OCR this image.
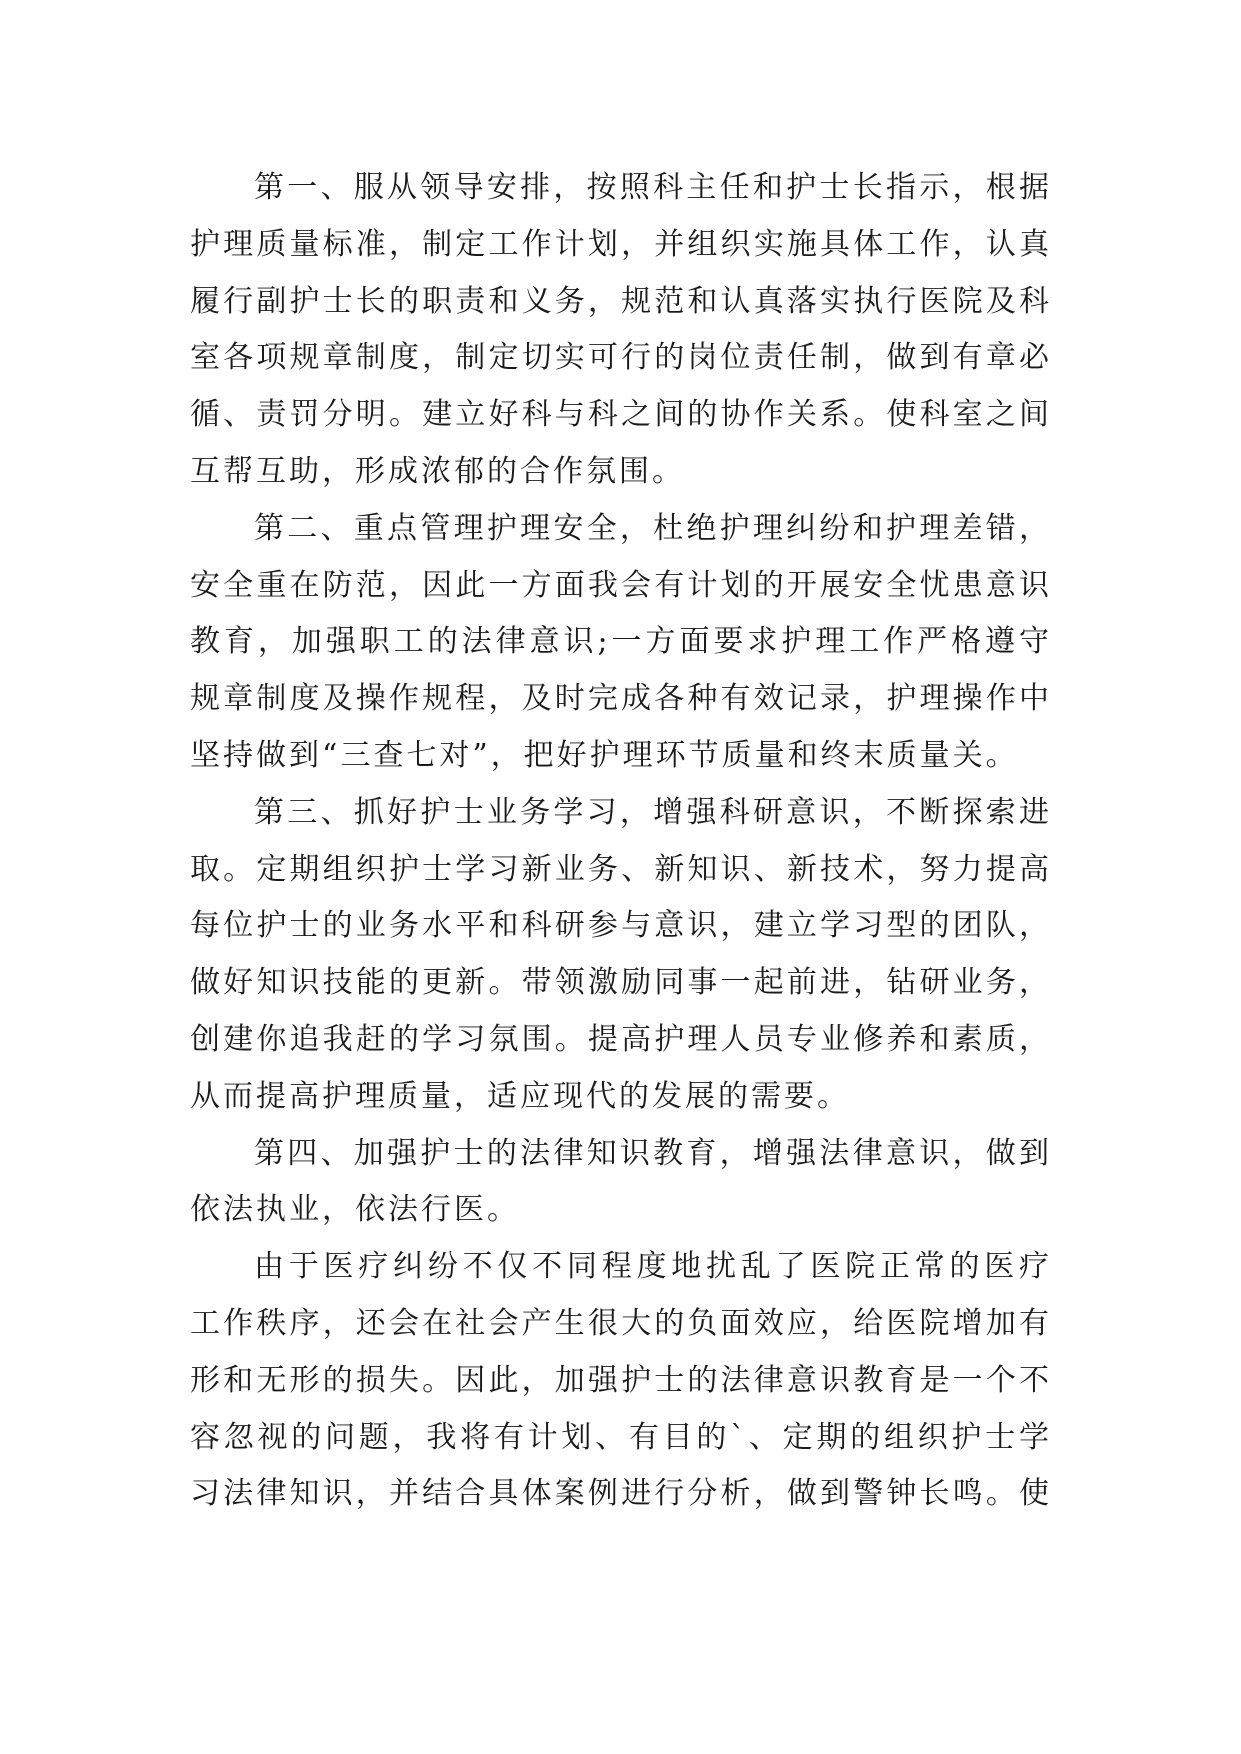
第一、服从领导安排，按照科主任和护士长指示，根据
护理质量标准，制定工作计划，并组织实施具体工作，认真
履行副护士长的职责和义务，规范和认真落实执行医院及科
室各项规章制度，制定切实可行的岗位责任制，做到有章必
循、责罚分明。建立好科与科之间的协作关系。使科室之间
互帮互助，形成浓郁的合作氛围。
第二、重点管理护理安全，杜绝护理纠纷和护理差错，
安全重在防范，因此一方面我会有计划的开展安全忧患意识
教育，加强职工的法律意识;一方面要求护理工作严格遵守
规章制度及操作规程，及时完成各种有效记录，护理操作中
坚持做到“三查七对”，把好护理环节质量和终末质量关。
第三、抓好护士业务学习，增强科研意识，不断探索进
取。定期组织护士学习新业务、新知识、新技术，努力提高
每位护士的业务水平和科研参与意识，建立学习型的团队，
做好知识技能的更新。带领激励同事一起前进，钻研业务，
创建你追我赶的学习氛围。提高护理人员专业修养和素质，
从而提高护理质量，适应现代的发展的需要。
第四、加强护士的法律知识教育，增强法律意识，做到
依法执业，依法行医。
由于医疗纠纷不仅不同程度地扰乱了医院正常的医疗
工作秩序，还会在社会产生很大的负面效应，给医院增加有
形和无形的损失。因此，加强护士的法律意识教育是一个不
容忽视的问题，我将有计划、有目的`、定期的组织护士学
习法律知识，并结合具体案例进行分析，做到警钟长鸣。使
